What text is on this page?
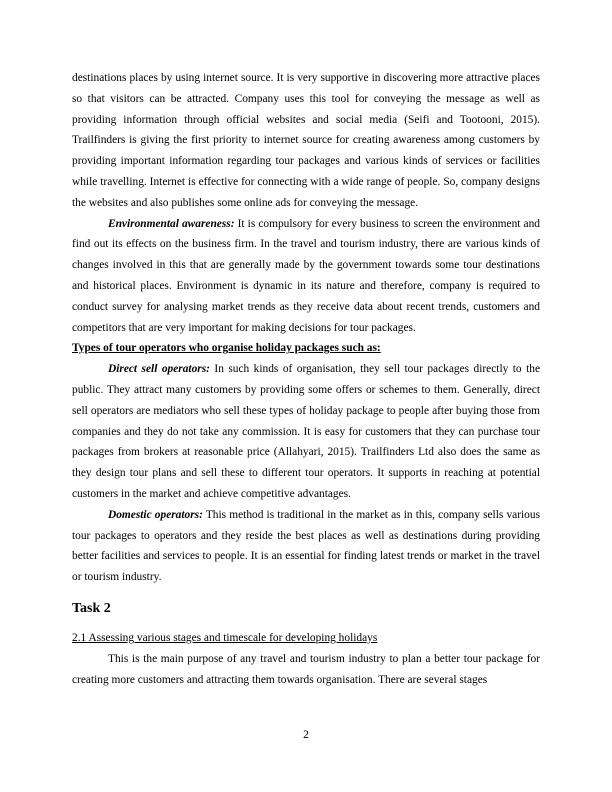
destinations places by using internet source. It is very supportive in discovering more attractive places so that visitors can be attracted. Company uses this tool for conveying the message as well as providing information through official websites and social media (Seifi and Tootooni, 2015). Trailfinders is giving the first priority to internet source for creating awareness among customers by providing important information regarding tour packages and various kinds of services or facilities while travelling. Internet is effective for connecting with a wide range of people. So, company designs the websites and also publishes some online ads for conveying the message.

Environmental awareness: It is compulsory for every business to screen the environment and find out its effects on the business firm. In the travel and tourism industry, there are various kinds of changes involved in this that are generally made by the government towards some tour destinations and historical places. Environment is dynamic in its nature and therefore, company is required to conduct survey for analysing market trends as they receive data about recent trends, customers and competitors that are very important for making decisions for tour packages.

Types of tour operators who organise holiday packages such as:

Direct sell operators: In such kinds of organisation, they sell tour packages directly to the public. They attract many customers by providing some offers or schemes to them. Generally, direct sell operators are mediators who sell these types of holiday package to people after buying those from companies and they do not take any commission. It is easy for customers that they can purchase tour packages from brokers at reasonable price (Allahyari, 2015). Trailfinders Ltd also does the same as they design tour plans and sell these to different tour operators. It supports in reaching at potential customers in the market and achieve competitive advantages.

Domestic operators: This method is traditional in the market as in this, company sells various tour packages to operators and they reside the best places as well as destinations during providing better facilities and services to people. It is an essential for finding latest trends or market in the travel or tourism industry.

Task 2

2.1 Assessing various stages and timescale for developing holidays

This is the main purpose of any travel and tourism industry to plan a better tour package for creating more customers and attracting them towards organisation. There are several stages

2
